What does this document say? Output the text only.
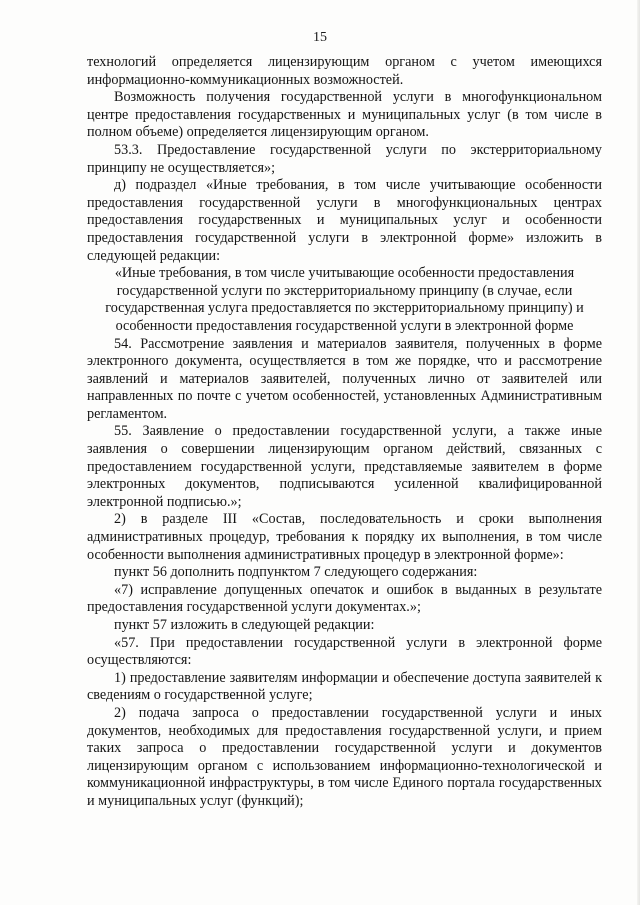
15

технологий определяется лицензирующим органом с учетом имеющихся информационно-коммуникационных возможностей.

Возможность получения государственной услуги в многофункциональном центре предоставления государственных и муниципальных услуг (в том числе в полном объеме) определяется лицензирующим органом.

53.3. Предоставление государственной услуги по экстерриториальному принципу не осуществляется»;

д) подраздел «Иные требования, в том числе учитывающие особенности предоставления государственной услуги в многофункциональных центрах предоставления государственных и муниципальных услуг и особенности предоставления государственной услуги в электронной форме» изложить в следующей редакции:

«Иные требования, в том числе учитывающие особенности предоставления государственной услуги по экстерриториальному принципу (в случае, если государственная услуга предоставляется по экстерриториальному принципу) и особенности предоставления государственной услуги в электронной форме

54. Рассмотрение заявления и материалов заявителя, полученных в форме электронного документа, осуществляется в том же порядке, что и рассмотрение заявлений и материалов заявителей, полученных лично от заявителей или направленных по почте с учетом особенностей, установленных Административным регламентом.

55. Заявление о предоставлении государственной услуги, а также иные заявления о совершении лицензирующим органом действий, связанных с предоставлением государственной услуги, представляемые заявителем в форме электронных документов, подписываются усиленной квалифицированной электронной подписью.»;

2) в разделе III «Состав, последовательность и сроки выполнения административных процедур, требования к порядку их выполнения, в том числе особенности выполнения административных процедур в электронной форме»:

пункт 56 дополнить подпунктом 7 следующего содержания:

«7) исправление допущенных опечаток и ошибок в выданных в результате предоставления государственной услуги документах.»;

пункт 57 изложить в следующей редакции:

«57. При предоставлении государственной услуги в электронной форме осуществляются:

1) предоставление заявителям информации и обеспечение доступа заявителей к сведениям о государственной услуге;

2) подача запроса о предоставлении государственной услуги и иных документов, необходимых для предоставления государственной услуги, и прием таких запроса о предоставлении государственной услуги и документов лицензирующим органом с использованием информационно-технологической и коммуникационной инфраструктуры, в том числе Единого портала государственных и муниципальных услуг (функций);
